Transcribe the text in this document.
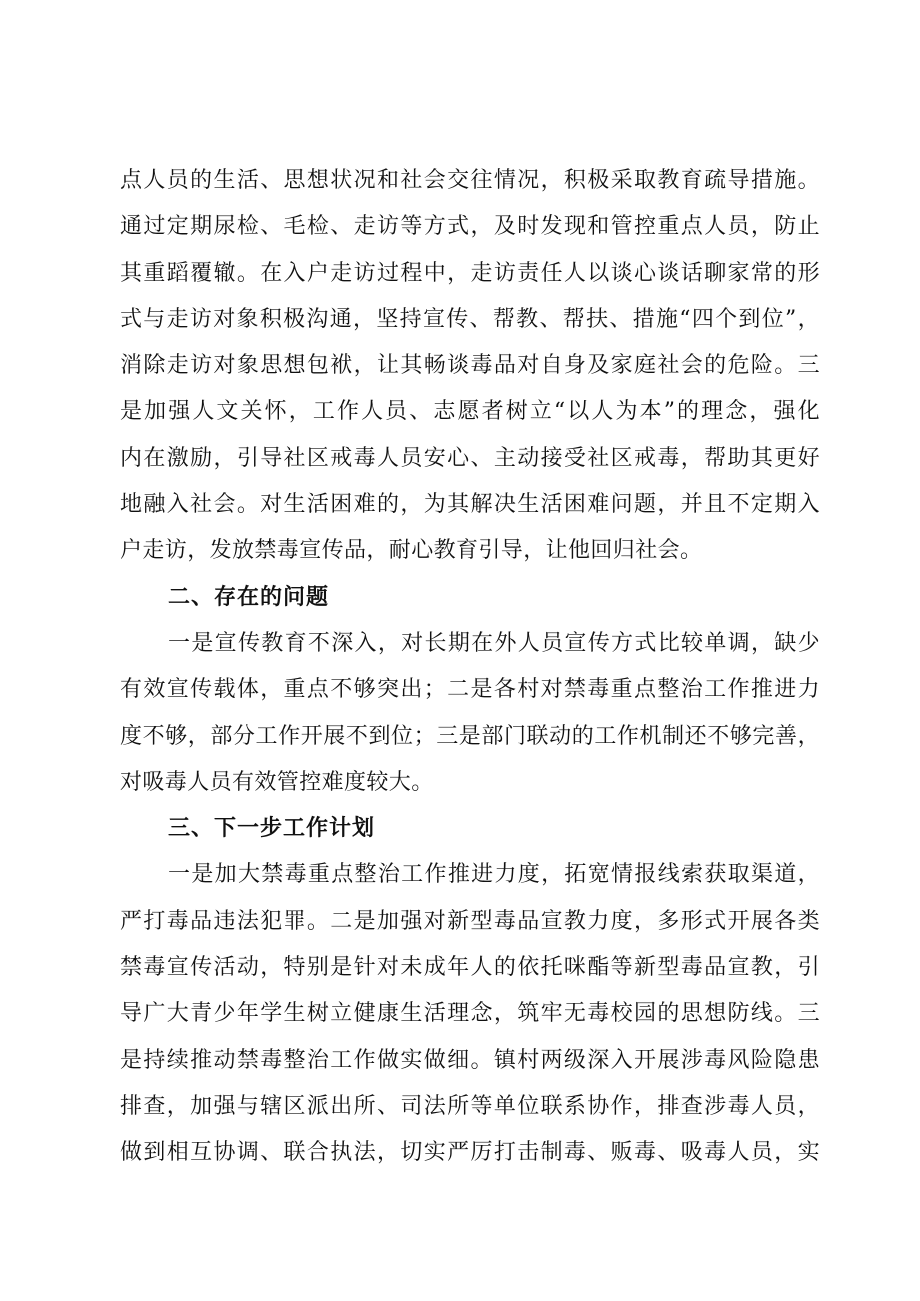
点人员的生活、思想状况和社会交往情况，积极采取教育疏导措施。
通过定期尿检、毛检、走访等方式，及时发现和管控重点人员，防止
其重蹈覆辙。在入户走访过程中，走访责任人以谈心谈话聊家常的形
式与走访对象积极沟通，坚持宣传、帮教、帮扶、措施“四个到位”，
消除走访对象思想包袱，让其畅谈毒品对自身及家庭社会的危险。三
是加强人文关怀，工作人员、志愿者树立“以人为本”的理念，强化
内在激励，引导社区戒毒人员安心、主动接受社区戒毒，帮助其更好
地融入社会。对生活困难的，为其解决生活困难问题，并且不定期入
户走访，发放禁毒宣传品，耐心教育引导，让他回归社会。
二、存在的问题
一是宣传教育不深入，对长期在外人员宣传方式比较单调，缺少
有效宣传载体，重点不够突出；二是各村对禁毒重点整治工作推进力
度不够，部分工作开展不到位；三是部门联动的工作机制还不够完善，
对吸毒人员有效管控难度较大。
三、下一步工作计划
一是加大禁毒重点整治工作推进力度，拓宽情报线索获取渠道，
严打毒品违法犯罪。二是加强对新型毒品宣教力度，多形式开展各类
禁毒宣传活动，特别是针对未成年人的依托咪酯等新型毒品宣教，引
导广大青少年学生树立健康生活理念，筑牢无毒校园的思想防线。三
是持续推动禁毒整治工作做实做细。镇村两级深入开展涉毒风险隐患
排查，加强与辖区派出所、司法所等单位联系协作，排查涉毒人员，
做到相互协调、联合执法，切实严厉打击制毒、贩毒、吸毒人员，实
